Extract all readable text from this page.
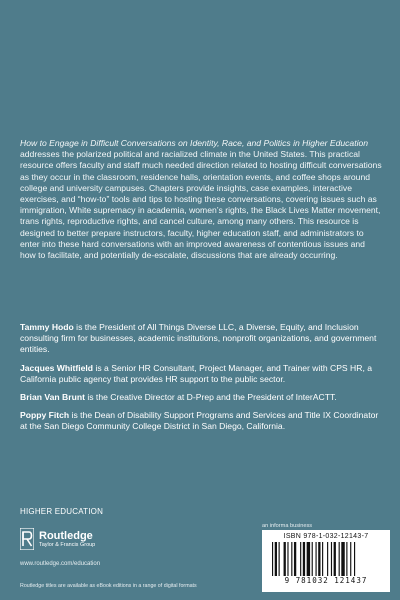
How to Engage in Difficult Conversations on Identity, Race, and Politics in Higher Education addresses the polarized political and racialized climate in the United States. This practical resource offers faculty and staff much needed direction related to hosting difficult conversations as they occur in the classroom, residence halls, orientation events, and coffee shops around college and university campuses. Chapters provide insights, case examples, interactive exercises, and “how-to” tools and tips to hosting these conversations, covering issues such as immigration, White supremacy in academia, women’s rights, the Black Lives Matter movement, trans rights, reproductive rights, and cancel culture, among many others. This resource is designed to better prepare instructors, faculty, higher education staff, and administrators to enter into these hard conversations with an improved awareness of contentious issues and how to facilitate, and potentially de-escalate, discussions that are already occurring.

Tammy Hodo is the President of All Things Diverse LLC, a Diverse, Equity, and Inclusion consulting firm for businesses, academic institutions, nonprofit organizations, and government entities.

Jacques Whitfield is a Senior HR Consultant, Project Manager, and Trainer with CPS HR, a California public agency that provides HR support to the public sector.

Brian Van Brunt is the Creative Director at D-Prep and the President of InterACTT.

Poppy Fitch is the Dean of Disability Support Programs and Services and Title IX Coordinator at the San Diego Community College District in San Diego, California.

HIGHER EDUCATION
Routledge
Taylor & Francis Group
www.routledge.com/education
Routledge titles are available as eBook editions in a range of digital formats
an informa business
ISBN 978-1-032-12143-7
9 781032 121437
